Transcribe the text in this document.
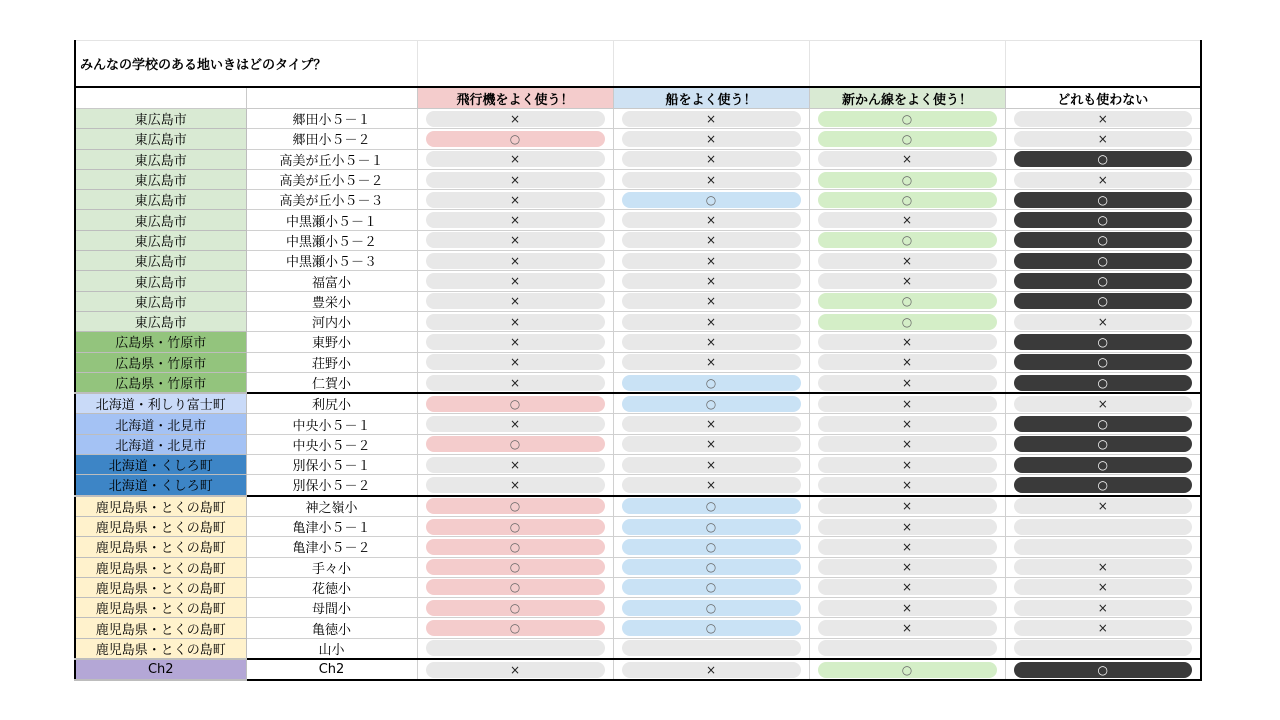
みんなの学校のある地いきはどのタイプ？					
		飛行機をよく使う！	船をよく使う！	新かん線をよく使う！	どれも使わない
東広島市	郷田小５－１	×	×	○	×

東広島市	郷田小５－２	○	×	○	×

東広島市	高美が丘小５－１	×	×	×	○

東広島市	高美が丘小５－２	×	×	○	×

東広島市	高美が丘小５－３	×	○	○	○

東広島市	中黒瀬小５－１	×	×	×	○

東広島市	中黒瀬小５－２	×	×	○	○

東広島市	中黒瀬小５－３	×	×	×	○

東広島市	福富小	×	×	×	○

東広島市	豊栄小	×	×	○	○

東広島市	河内小	×	×	○	×

広島県・竹原市	東野小	×	×	×	○

広島県・竹原市	荘野小	×	×	×	○

広島県・竹原市	仁賀小	×	○	×	○

北海道・利しり富士町	利尻小	○	○	×	×

北海道・北見市	中央小５－１	×	×	×	○

北海道・北見市	中央小５－２	○	×	×	○

北海道・くしろ町	別保小５－１	×	×	×	○

北海道・くしろ町	別保小５－２	×	×	×	○

鹿児島県・とくの島町	神之嶺小	○	○	×	×

鹿児島県・とくの島町	亀津小５－１	○	○	×	

鹿児島県・とくの島町	亀津小５－２	○	○	×	

鹿児島県・とくの島町	手々小	○	○	×	×

鹿児島県・とくの島町	花徳小	○	○	×	×

鹿児島県・とくの島町	母間小	○	○	×	×

鹿児島県・とくの島町	亀徳小	○	○	×	×

鹿児島県・とくの島町	山小	

Ch2	Ch2	×	×	○	○
